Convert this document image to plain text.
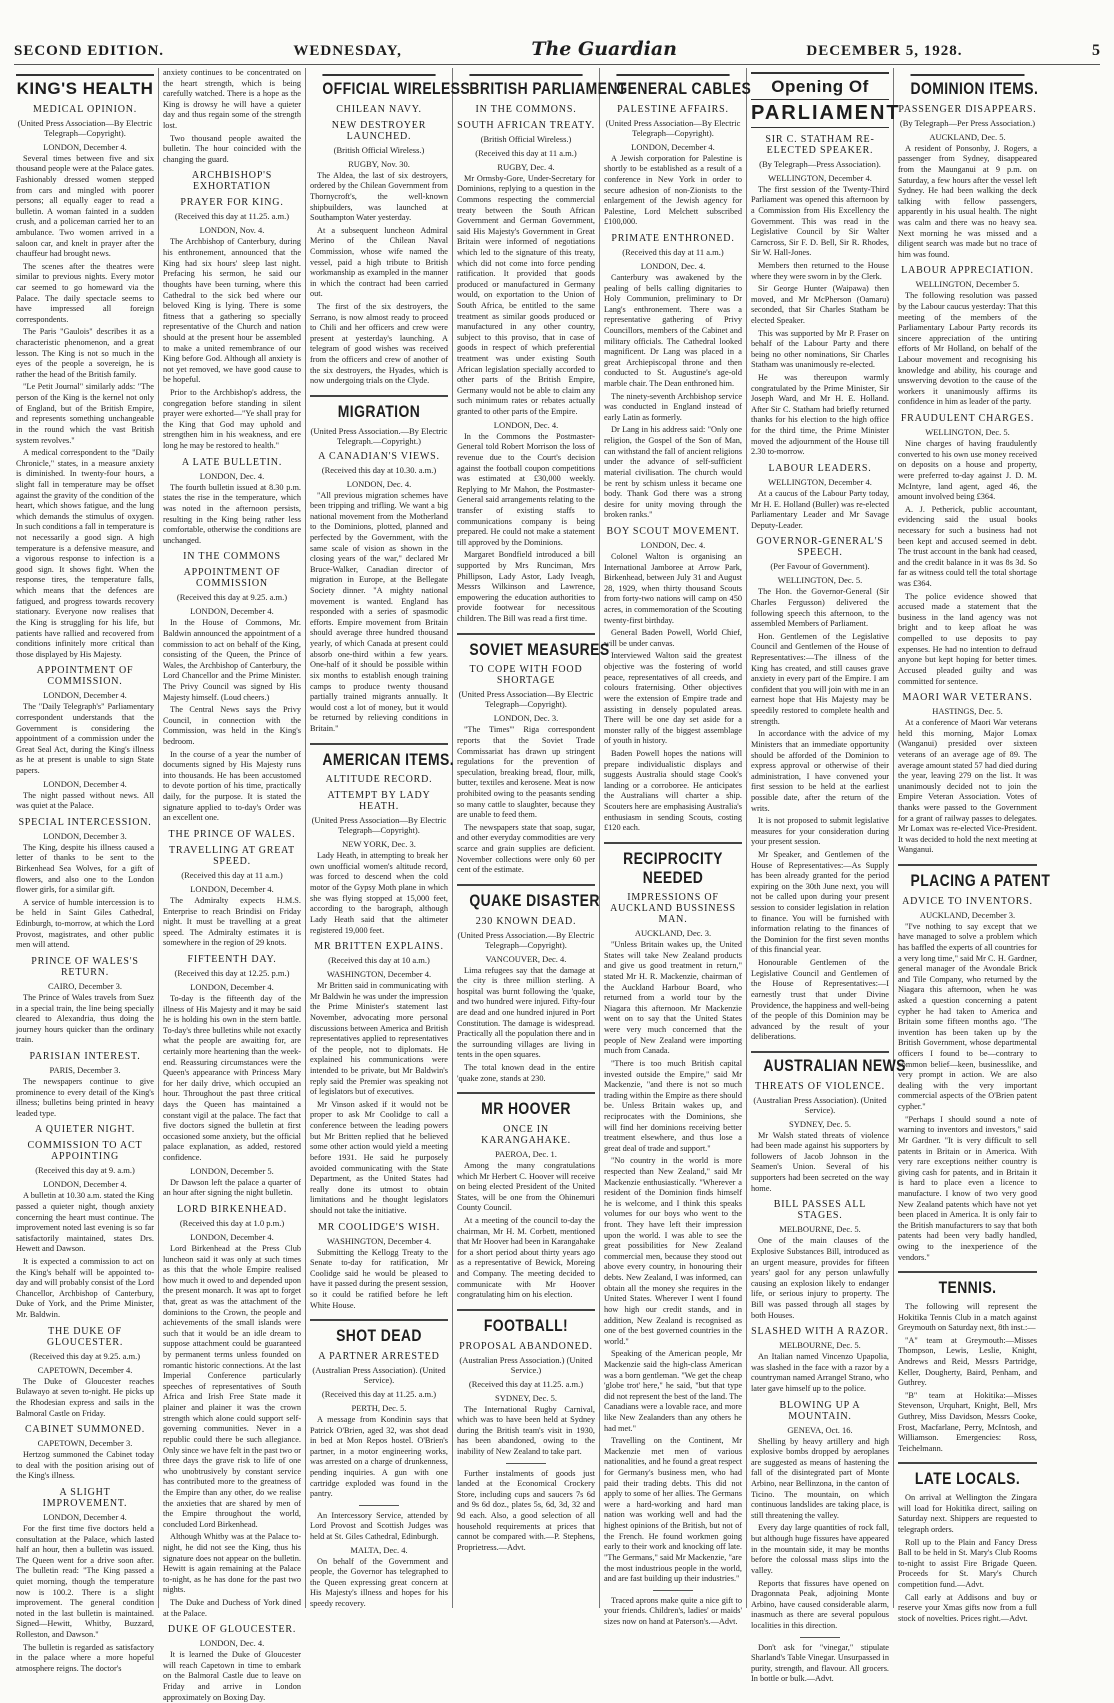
SECOND EDITION.	WEDNESDAY,	The Guardian	DECEMBER 5, 1928.	5
KING'S HEALTH
MEDICAL OPINION.
(United Press Association—By Electric Telegraph—Copyright).
LONDON, December 4.

Several times between five and six thousand people were at the Palace gates. Fashionably dressed women stepped from cars and mingled with poorer persons; all equally eager to read a bulletin. A woman fainted in a sudden crush, and a policeman carried her to an ambulance. Two women arrived in a saloon car, and knelt in prayer after the chauffeur had brought news.

The scenes after the theatres were similar to previous nights. Every motor car seemed to go homeward via the Palace. The daily spectacle seems to have impressed all foreign correspondents.

The Paris "Gaulois" describes it as a characteristic phenomenon, and a great lesson. The King is not so much in the eyes of the people a sovereign, he is rather the head of the British family.

"Le Petit Journal" similarly adds: "The person of the King is the kernel not only of England, but of the British Empire, and represents something unchangeable in the round which the vast British system revolves."

A medical correspondent to the "Daily Chronicle," states, in a measure anxiety is diminished. In twenty-four hours, a slight fall in temperature may be offset against the gravity of the condition of the heart, which shows fatigue, and the lung which demands the stimulus of oxygen. In such conditions a fall in temperature is not necessarily a good sign. A high temperature is a defensive measure, and a vigorous response to infection is a good sign. It shows fight. When the response tires, the temperature falls, which means that the defences are fatigued, and progress towards recovery stationary. Everyone now realises that the King is struggling for his life, but patients have rallied and recovered from conditions infinitely more critical than those displayed by His Majesty.

APPOINTMENT OF COMMISSION.
LONDON, December 4.

The "Daily Telegraph's" Parliamentary correspondent understands that the Government is considering the appointment of a commission under the Great Seal Act, during the King's illness as he at present is unable to sign State papers.

LONDON, December 4.

The night passed without news. All was quiet at the Palace.

SPECIAL INTERCESSION.
LONDON, December 3.

The King, despite his illness caused a letter of thanks to be sent to the Birkenhead Sea Wolves, for a gift of flowers, and also one to the London flower girls, for a similar gift.

A service of humble intercession is to be held in Saint Giles Cathedral, Edinburgh, to-morrow, at which the Lord Provost, magistrates, and other public men will attend.

PRINCE OF WALES'S RETURN.
CAIRO, December 3.

The Prince of Wales travels from Suez in a special train, the line being specially cleared to Alexandria, thus doing the journey hours quicker than the ordinary train.

PARISIAN INTEREST.
PARIS, December 3.

The newspapers continue to give prominence to every detail of the King's illness; bulletins being printed in heavy leaded type.

A QUIETER NIGHT.
COMMISSION TO ACT APPOINTING
(Received this day at 9. a.m.)
LONDON, December 4.

A bulletin at 10.30 a.m. stated the King passed a quieter night, though anxiety concerning the heart must continue. The improvement noted last evening is so far satisfactorily maintained, states Drs. Hewett and Dawson.

It is expected a commission to act on the King's behalf will be appointed to-day and will probably consist of the Lord Chancellor, Archbishop of Canterbury, Duke of York, and the Prime Minister, Mr. Baldwin.

THE DUKE OF GLOUCESTER.
(Received this day at 9.25. a.m.)
CAPETOWN, December 4.

The Duke of Gloucester reaches Bulawayo at seven to-night. He picks up the Rhodesian express and sails in the Balmoral Castle on Friday.

CABINET SUMMONED.
CAPETOWN, December 3.

Hertzog summoned the Cabinet today to deal with the position arising out of the King's illness.

A SLIGHT IMPROVEMENT.
LONDON, December 4.

For the first time five doctors held a consultation at the Palace, which lasted half an hour, then a bulletin was issued. The Queen went for a drive soon after. The bulletin read: "The King passed a quiet morning, though the temperature now is 100.2. There is a slight improvement. The general condition noted in the last bulletin is maintained. Signed—Hewitt, Whitby, Buzzard, Rolleston, and Dawson."

The bulletin is regarded as satisfactory in the palace where a more hopeful atmosphere reigns. The doctor's

anxiety continues to be concentrated on the heart strength, which is being carefully watched. There is a hope as the King is drowsy he will have a quieter day and thus regain some of the strength lost.

Two thousand people awaited the bulletin. The hour coincided with the changing the guard.

ARCHBISHOP'S EXHORTATION
PRAYER FOR KING.
(Received this day at 11.25. a.m.)
LONDON, Nov. 4.

The Archbishop of Canterbury, during his enthronement, announced that the King had six hours' sleep last night. Prefacing his sermon, he said our thoughts have been turning, where this Cathedral to the sick bed where our beloved King is lying. There is some fitness that a gathering so specially representative of the Church and nation should at the present hour be assembled to make a united remembrance of our King before God. Although all anxiety is not yet removed, we have good cause to be hopeful.

Prior to the Archbishop's address, the congregation before standing in silent prayer were exhorted—"Ye shall pray for the King that God may uphold and strengthen him in his weakness, and ere long he may be restored to health."

A LATE BULLETIN.
LONDON, Dec. 4.

The fourth bulletin issued at 8.30 p.m. states the rise in the temperature, which was noted in the afternoon persists, resulting in the King being rather less comfortable, otherwise the conditions are unchanged.

IN THE COMMONS
APPOINTMENT OF COMMISSION
(Received this day at 9.25. a.m.)
LONDON, December 4.

In the House of Commons, Mr. Baldwin announced the appointment of a commission to act on behalf of the King, consisting of the Queen, the Prince of Wales, the Archbishop of Canterbury, the Lord Chancellor and the Prime Minister. The Privy Council was signed by His Majesty himself. (Loud cheers.)

The Central News says the Privy Council, in connection with the Commission, was held in the King's bedroom.

In the course of a year the number of documents signed by His Majesty runs into thousands. He has been accustomed to devote portion of his time, practically daily, for the purpose. It is stated the signature applied to to-day's Order was an excellent one.

THE PRINCE OF WALES.
TRAVELLING AT GREAT SPEED.
(Received this day at 11 a.m.)
LONDON, December 4.

The Admiralty expects H.M.S. Enterprise to reach Brindisi on Friday night. It must be travelling at a great speed. The Admiralty estimates it is somewhere in the region of 29 knots.

FIFTEENTH DAY.
(Received this day at 12.25. p.m.)
LONDON, December 4.

To-day is the fifteenth day of the illness of His Majesty and it may be said he is holding his own in the stern battle. To-day's three bulletins while not exactly what the people are awaiting for, are certainly more heartening than the week-end. Reassuring circumstances were the Queen's appearance with Princess Mary for her daily drive, which occupied an hour. Throughout the past three critical days the Queen has maintained a constant vigil at the palace. The fact that five doctors signed the bulletin at first occasioned some anxiety, but the official palace explanation, as added, restored confidence.

LONDON, December 5.

Dr Dawson left the palace a quarter of an hour after signing the night bulletin.

LORD BIRKENHEAD.
(Received this day at 1.0 p.m.)
LONDON, December 4.

Lord Birkenhead at the Press Club luncheon said it was only at such times as this that the whole Empire realised how much it owed to and depended upon the present monarch. It was apt to forget that, great as was the attachment of the dominions to the Crown, the people and achievements of the small islands were such that it would be an idle dream to suppose attachment could be guaranteed by permanent terms unless founded on romantic historic connections. At the last Imperial Conference particularly speeches of representatives of South Africa and Irish Free State made it plainer and plainer it was the crown strength which alone could support self-governing communities. Never in a republic could there be such allegiance. Only since we have felt in the past two or three days the grave risk to life of one who unobtrusively by constant service has contributed more to the greatness of the Empire than any other, do we realise the anxieties that are shared by men of the Empire throughout the world, concluded Lord Birkenhead.

Although Whitby was at the Palace to-night, he did not see the King, thus his signature does not appear on the bulletin. Hewitt is again remaining at the Palace to-night, as he has done for the past two nights.

The Duke and Duchess of York dined at the Palace.

DUKE OF GLOUCESTER.
LONDON, Dec. 4.

It is learned the Duke of Gloucester will reach Capetown in time to embark on the Balmoral Castle due to leave on Friday and arrive in London approximately on Boxing Day.

OFFICIAL WIRELESS
CHILEAN NAVY.
NEW DESTROYER LAUNCHED.
(British Official Wireless.)
RUGBY, Nov. 30.

The Aldea, the last of six destroyers, ordered by the Chilean Government from Thornycroft's, the well-known shipbuilders, was launched at Southampton Water yesterday.

At a subsequent luncheon Admiral Merino of the Chilean Naval Commission, whose wife named the vessel, paid a high tribute to British workmanship as exampled in the manner in which the contract had been carried out.

The first of the six destroyers, the Serrano, is now almost ready to proceed to Chili and her officers and crew were present at yesterday's launching. A telegram of good wishes was received from the officers and crew of another of the six destroyers, the Hyades, which is now undergoing trials on the Clyde.

MIGRATION
(United Press Association.—By Electric Telegraph.—Copyright.)
A CANADIAN'S VIEWS.
(Received this day at 10.30. a.m.)
LONDON, Dec. 4.

"All previous migration schemes have been tripping and trifling. We want a big national movement from the Motherland to the Dominions, plotted, planned and perfected by the Government, with the same scale of vision as shown in the closing years of the war," declared Mr Bruce-Walker, Canadian director of migration in Europe, at the Bellegate Society dinner. "A mighty national movement is wanted. England has responded with a series of spasmodic efforts. Empire movement from Britain should average three hundred thousand yearly, of which Canada at present could absorb one-third within a few years. One-half of it should be possible within six months to establish enough training camps to produce twenty thousand partially trained migrants annually. It would cost a lot of money, but it would be returned by relieving conditions in Britain."

AMERICAN ITEMS.
ALTITUDE RECORD.
ATTEMPT BY LADY HEATH.
(United Press Association—By Electric Telegraph—Copyright).
NEW YORK, Dec. 3.

Lady Heath, in attempting to break her own unofficial women's altitude record, was forced to descend when the cold motor of the Gypsy Moth plane in which she was flying stopped at 15,000 feet, according to the barograph, although Lady Heath said that the altimeter registered 19,000 feet.

MR BRITTEN EXPLAINS.
(Received this day at 10 a.m.)
WASHINGTON, December 4.

Mr Britten said in communicating with Mr Baldwin he was under the impression the Prime Minister's statement last November, advocating more personal discussions between America and British representatives applied to representatives of the people, not to diplomats. He explained his communications were intended to be private, but Mr Baldwin's reply said the Premier was speaking not of legislators but of executives.

Mr Vinson asked if it would not be proper to ask Mr Coolidge to call a conference between the leading powers but Mr Britten replied that he believed some other action would yield a meeting before 1931. He said he purposely avoided communicating with the State Department, as the United States had really done its utmost to obtain limitations and he thought legislators should not take the initiative.

MR COOLIDGE'S WISH.
WASHINGTON, December 4.

Submitting the Kellogg Treaty to the Senate to-day for ratification, Mr Coolidge said he would be pleased to have it passed during the present session, so it could be ratified before he left White House.

SHOT DEAD
A PARTNER ARRESTED
(Australian Press Association). (United Service).
(Received this day at 11.25. a.m.)
PERTH, Dec. 5.

A message from Kondinin says that Patrick O'Brien, aged 32, was shot dead in bed at Mon Repos hostel. O'Brien's partner, in a motor engineering works, was arrested on a charge of drunkenness, pending inquiries. A gun with one cartridge exploded was found in the pantry.

An Intercessory Service, attended by Lord Provost and Scottish Judges was held at St. Giles Cathedral, Edinburgh.

MALTA, Dec. 4.

On behalf of the Government and people, the Governor has telegraphed to the Queen expressing great concern at His Majesty's illness and hopes for his speedy recovery.

BRITISH PARLIAMENT
IN THE COMMONS.
SOUTH AFRICAN TREATY.
(British Official Wireless.)
(Received this day at 11 a.m.)
RUGBY, Dec. 4.

Mr Ormsby-Gore, Under-Secretary for Dominions, replying to a question in the Commons respecting the commercial treaty between the South African Government and German Government, said His Majesty's Government in Great Britain were informed of negotiations which led to the signature of this treaty, which did not come into force pending ratification. It provided that goods produced or manufactured in Germany would, on exportation to the Union of South Africa, be entitled to the same treatment as similar goods produced or manufactured in any other country, subject to this proviso, that in case of goods in respect of which preferential treatment was under existing South African legislation specially accorded to other parts of the British Empire, Germany would not be able to claim any such minimum rates or rebates actually granted to other parts of the Empire.

LONDON, Dec. 4.

In the Commons the Postmaster-General told Robert Morrison the loss of revenue due to the Court's decision against the football coupon competitions was estimated at £30,000 weekly. Replying to Mr Mahon, the Postmaster-General said arrangements relating to the transfer of existing staffs to communications company is being prepared. He could not make a statement till approved by the Dominions.

Margaret Bondfield introduced a bill supported by Mrs Runciman, Mrs Phillipson, Lady Astor, Lady Iveagh, Messrs Wilkinson and Lawrence, empowering the education authorities to provide footwear for necessitous children. The Bill was read a first time.

SOVIET MEASURES
TO COPE WITH FOOD SHORTAGE
(United Press Association—By Electric Telegraph—Copyright).
LONDON, Dec. 3.

"The Times'" Riga correspondent reports that the Soviet Trade Commissariat has drawn up stringent regulations for the prevention of speculation, breaking bread, flour, milk, butter, textiles and kerosene. Meat is now prohibited owing to the peasants sending so many cattle to slaughter, because they are unable to feed them.

The newspapers state that soap, sugar, and other everyday commodities are very scarce and grain supplies are deficient. November collections were only 60 per cent of the estimate.

QUAKE DISASTER
230 KNOWN DEAD.
(United Press Association.—By Electric Telegraph—Copyright).
VANCOUVER, Dec. 4.

Lima refugees say that the damage at the city is three million sterling. A hospital was burnt following the 'quake, and two hundred were injured. Fifty-four are dead and one hundred injured in Port Constitution. The damage is widespread. Practically all the population there and in the surrounding villages are living in tents in the open squares.

The total known dead in the entire 'quake zone, stands at 230.

MR HOOVER
ONCE IN KARANGAHAKE.
PAEROA, Dec. 1.

Among the many congratulations which Mr Herbert C. Hoover will receive on being elected President of the United States, will be one from the Ohinemuri County Council.

At a meeting of the council to-day the chairman, Mr H. M. Corbett, mentioned that Mr Hoover had been in Karangahake for a short period about thirty years ago as a representative of Bewick, Moreing and Company. The meeting decided to communicate with Mr Hoover congratulating him on his election.

FOOTBALL!
PROPOSAL ABANDONED.
(Australian Press Association.) (United Service.)
(Received this day at 11.25. a.m.)
SYDNEY, Dec. 5.

The International Rugby Carnival, which was to have been held at Sydney during the British team's visit in 1930, has been abandoned, owing to the inability of New Zealand to take part.

Further instalments of goods just landed at the Economical Crockery Store, including cups and saucers 7s 6d and 9s 6d doz., plates 5s, 6d, 3d, 32 and 9d each. Also, a good selection of all household requirements at prices that cannot be compared with.—P. Stephens, Proprietress.—Advt.

GENERAL CABLES
PALESTINE AFFAIRS.
(United Press Association—By Electric Telegraph—Copyright).
LONDON, December 4.

A Jewish corporation for Palestine is shortly to be established as a result of a conference in New York in order to secure adhesion of non-Zionists to the enlargement of the Jewish agency for Palestine, Lord Melchett subscribed £100,000.

PRIMATE ENTHRONED.
(Received this day at 11 a.m.)
LONDON, Dec. 4.

Canterbury was awakened by the pealing of bells calling dignitaries to Holy Communion, preliminary to Dr Lang's enthronement. There was a representative gathering of Privy Councillors, members of the Cabinet and military officials. The Cathedral looked magnificent. Dr Lang was placed in a great Archiepiscopal throne and then conducted to St. Augustine's age-old marble chair. The Dean enthroned him.

The ninety-seventh Archbishop service was conducted in England instead of early Latin as formerly.

Dr Lang in his address said: "Only one religion, the Gospel of the Son of Man, can withstand the fall of ancient religions under the advance of self-sufficient material civilisation. The church would be rent by schism unless it became one body. Thank God there was a strong desire for unity moving through the broken ranks."

BOY SCOUT MOVEMENT.
LONDON, Dec. 4.

Colonel Walton is organising an International Jamboree at Arrow Park, Birkenhead, between July 31 and August 28, 1929, when thirty thousand Scouts from forty-two nations will camp on 450 acres, in commemoration of the Scouting twenty-first birthday.

General Baden Powell, World Chief, will be under canvas.

Interviewed Walton said the greatest objective was the fostering of world peace, representatives of all creeds, and colours fraternising. Other objectives were the extension of Empire trade and assisting in densely populated areas. There will be one day set aside for a monster rally of the biggest assemblage of youth in history.

Baden Powell hopes the nations will prepare individualistic displays and suggests Australia should stage Cook's landing or a corroboree. He anticipates the Australians will charter a ship. Scouters here are emphasising Australia's enthusiasm in sending Scouts, costing £120 each.

RECIPROCITY NEEDED
IMPRESSIONS OF AUCKLAND BUSSINESS MAN.
AUCKLAND, Dec. 3.

"Unless Britain wakes up, the United States will take New Zealand products and give us good treatment in return," stated Mr H. R. Mackenzie, chairman of the Auckland Harbour Board, who returned from a world tour by the Niagara this afternoon. Mr Mackenzie went on to say that the United States were very much concerned that the people of New Zealand were importing much from Canada.

"There is too much British capital invested outside the Empire," said Mr Mackenzie, "and there is not so much trading within the Empire as there should be. Unless Britain wakes up, and reciprocates with the Dominions, she will find her dominions receiving better treatment elsewhere, and thus lose a great deal of trade and support."

"No country in the world is more respected than New Zealand," said Mr Mackenzie enthusiastically. "Wherever a resident of the Dominion finds himself he is welcome, and I think this speaks volumes for our boys who went to the front. They have left their impression upon the world. I was able to see the great possibilities for New Zealand commercial men, because they stood out above every country, in honouring their debts. New Zealand, I was informed, can obtain all the money she requires in the United States. Wherever I went I found how high our credit stands, and in addition, New Zealand is recognised as one of the best governed countries in the world."

Speaking of the American people, Mr Mackenzie said the high-class American was a born gentleman. "We get the cheap 'globe trot' here," he said, "but that type did not represent the best of the land. The Canadians were a lovable race, and more like New Zealanders than any others he had met."

Travelling on the Continent, Mr Mackenzie met men of various nationalities, and he found a great respect for Germany's business men, who had paid their trading debts. This did not apply to some of her allies. The Germans were a hard-working and hard man nation was working well and had the highest opinions of the British, but not of the French. He found workmen going early to their work and knocking off late. "The Germans," said Mr Mackenzie, "are the most industrious people in the world, and are fast building up their industries."

Traced aprons make quite a nice gift to your friends. Children's, ladies' or maids' sizes now on hand at Paterson's.—Advt.

Opening Of
PARLIAMENT
SIR C. STATHAM RE-ELECTED SPEAKER.
(By Telegraph—Press Association).
WELLINGTON, December 4.

The first session of the Twenty-Third Parliament was opened this afternoon by a Commission from His Excellency the Government. This was read in the Legislative Council by Sir Walter Carncross, Sir F. D. Bell, Sir R. Rhodes, Sir W. Hall-Jones.

Members then returned to the House where they were sworn in by the Clerk.

Sir George Hunter (Waipawa) then moved, and Mr McPherson (Oamaru) seconded, that Sir Charles Statham be elected Speaker.

This was supported by Mr P. Fraser on behalf of the Labour Party and there being no other nominations, Sir Charles Statham was unanimously re-elected.

He was thereupon warmly congratulated by the Prime Minister, Sir Joseph Ward, and Mr H. E. Holland. After Sir C. Statham had briefly returned thanks for his election to the high office for the third time, the Prime Minister moved the adjournment of the House till 2.30 to-morrow.

LABOUR LEADERS.
WELLINGTON, December 4.

At a caucus of the Labour Party today, Mr H. E. Holland (Buller) was re-elected Parliamentary Leader and Mr Savage Deputy-Leader.

GOVERNOR-GENERAL'S SPEECH.
(Per Favour of Government).
WELLINGTON, Dec. 5.

The Hon. the Governor-General (Sir Charles Fergusson) delivered the following speech this afternoon, to the assembled Members of Parliament.

Hon. Gentlemen of the Legislative Council and Gentlemen of the House of Representatives:—The illness of the King has created, and still causes grave anxiety in every part of the Empire. I am confident that you will join with me in an earnest hope that His Majesty may be speedily restored to complete health and strength.

In accordance with the advice of my Ministers that an immediate opportunity should be afforded of the Dominion to express approval or otherwise of their administration, I have convened your first session to be held at the earliest possible date, after the return of the writs.

It is not proposed to submit legislative measures for your consideration during your present session.

Mr Speaker, and Gentlemen of the House of Representatives:—As Supply has been already granted for the period expiring on the 30th June next, you will not be called upon during your present session to consider legislation in relation to finance. You will be furnished with information relating to the finances of the Dominion for the first seven months of this financial year.

Honourable Gentlemen of the Legislative Council and Gentlemen of the House of Representatives:—I earnestly trust that under Divine Providence, the happiness and well-being of the people of this Dominion may be advanced by the result of your deliberations.

AUSTRALIAN NEWS
THREATS OF VIOLENCE.
(Australian Press Association). (United Service).
SYDNEY, Dec. 5.

Mr Walsh stated threats of violence had been made against his supporters by followers of Jacob Johnson in the Seamen's Union. Several of his supporters had been secreted on the way home.

BILL PASSES ALL STAGES.
MELBOURNE, Dec. 5.

One of the main clauses of the Explosive Substances Bill, introduced as an urgent measure, provides for fifteen years' gaol for any person unlawfully causing an explosion likely to endanger life, or serious injury to property. The Bill was passed through all stages by both Houses.

SLASHED WITH A RAZOR.
MELBOURNE, Dec. 5.

An Italian named Vincenzo Upapolia, was slashed in the face with a razor by a countryman named Arrangel Strano, who later gave himself up to the police.

BLOWING UP A MOUNTAIN.
GENEVA, Oct. 16.

Shelling by heavy artillery and high explosive bombs dropped by aeroplanes are suggested as means of hastening the fall of the disintegrated part of Monte Arbino, near Bellinzona, in the canton of Ticino. The mountain, on which continuous landslides are taking place, is still threatening the valley.

Every day large quantities of rock fall, but although huge fissures have appeared in the mountain side, it may be months before the colossal mass slips into the valley.

Reports that fissures have opened on Dragonnata Peak, adjoining Monte Arbino, have caused considerable alarm, inasmuch as there are several populous localities in this direction.

Don't ask for "vinegar," stipulate Sharland's Table Vinegar. Unsurpassed in purity, strength, and flavour. All grocers. In bottle or bulk.—Advt.

DOMINION ITEMS.
PASSENGER DISAPPEARS.
(By Telegraph—Per Press Association.)
AUCKLAND, Dec. 5.

A resident of Ponsonby, J. Rogers, a passenger from Sydney, disappeared from the Maunganui at 9 p.m. on Saturday, a few hours after the vessel left Sydney. He had been walking the deck talking with fellow passengers, apparently in his usual health. The night was calm and there was no heavy sea. Next morning he was missed and a diligent search was made but no trace of him was found.

LABOUR APPRECIATION.
WELLINGTON, December 5.

The following resolution was passed by the Labour caucus yesterday: That this meeting of the members of the Parliamentary Labour Party records its sincere appreciation of the untiring efforts of Mr Holland, on behalf of the Labour movement and recognising his knowledge and ability, his courage and unswerving devotion to the cause of the workers it unanimously affirms its confidence in him as leader of the party.

FRAUDULENT CHARGES.
WELLINGTON, Dec. 5.

Nine charges of having fraudulently converted to his own use money received on deposits on a house and property, were preferred to-day against J. D. M. McIntyre, land agent, aged 46, the amount involved being £364.

A. J. Petherick, public accountant, evidencing said the usual books necessary for such a business had not been kept and accused seemed in debt. The trust account in the bank had ceased, and the credit balance in it was 8s 3d. So far as witness could tell the total shortage was £364.

The police evidence showed that accused made a statement that the business in the land agency was not bright and to keep afloat he was compelled to use deposits to pay expenses. He had no intention to defraud anyone but kept hoping for better times. Accused pleaded guilty and was committed for sentence.

MAORI WAR VETERANS.
HASTINGS, Dec. 5.

At a conference of Maori War veterans held this morning, Major Lomax (Wanganui) presided over sixteen veterans of an average age of 89. The average amount stated 57 had died during the year, leaving 279 on the list. It was unanimously decided not to join the Empire Veteran Association. Votes of thanks were passed to the Government for a grant of railway passes to delegates. Mr Lomax was re-elected Vice-President. It was decided to hold the next meeting at Wanganui.

PLACING A PATENT
ADVICE TO INVENTORS.
AUCKLAND, December 3.

"I've nothing to say except that we have managed to solve a problem which has baffled the experts of all countries for a very long time," said Mr C. H. Gardner, general manager of the Avondale Brick and Tile Company, who returned by the Niagara this afternoon, when he was asked a question concerning a patent cypher he had taken to America and Britain some fifteen months ago. "The invention has been taken up by the British Government, whose departmental officers I found to be—contrary to common belief—keen, businesslike, and very prompt in action. We are also dealing with the very important commercial aspects of the O'Brien patent cypher."

"Perhaps I should sound a note of warning to inventors and investors," said Mr Gardner. "It is very difficult to sell patents in Britain or in America. With very rare exceptions neither country is giving cash for patents, and in Britain it is hard to place even a licence to manufacture. I know of two very good New Zealand patents which have not yet been placed in America. It is only fair to the British manufacturers to say that both patents had been very badly handled, owing to the inexperience of the vendors."

TENNIS.

The following will represent the Hokitika Tennis Club in a match against Greymouth on Saturday next, 8th inst.:—

"A" team at Greymouth:—Misses Thompson, Lewis, Leslie, Knight, Andrews and Reid, Messrs Partridge, Keller, Dougherty, Baird, Penham, and Guthrey.

"B" team at Hokitika:—Misses Stevenson, Urquhart, Knight, Bell, Mrs Guthrey, Miss Davidson, Messrs Cooke, Frost, Macfarlane, Perry, McIntosh, and Williamson. Emergencies: Ross, Teichelmann.

LATE LOCALS.

On arrival at Wellington the Zingara will load for Hokitika direct, sailing on Saturday next. Shippers are requested to telegraph orders.

Roll up to the Plain and Fancy Dress Ball to be held in St. Mary's Club Rooms to-night to assist Fire Brigade Queen. Proceeds for St. Mary's Church competition fund.—Advt.

Call early at Addisons and buy or reserve your Xmas gifts now from a full stock of novelties. Prices right.—Advt.
